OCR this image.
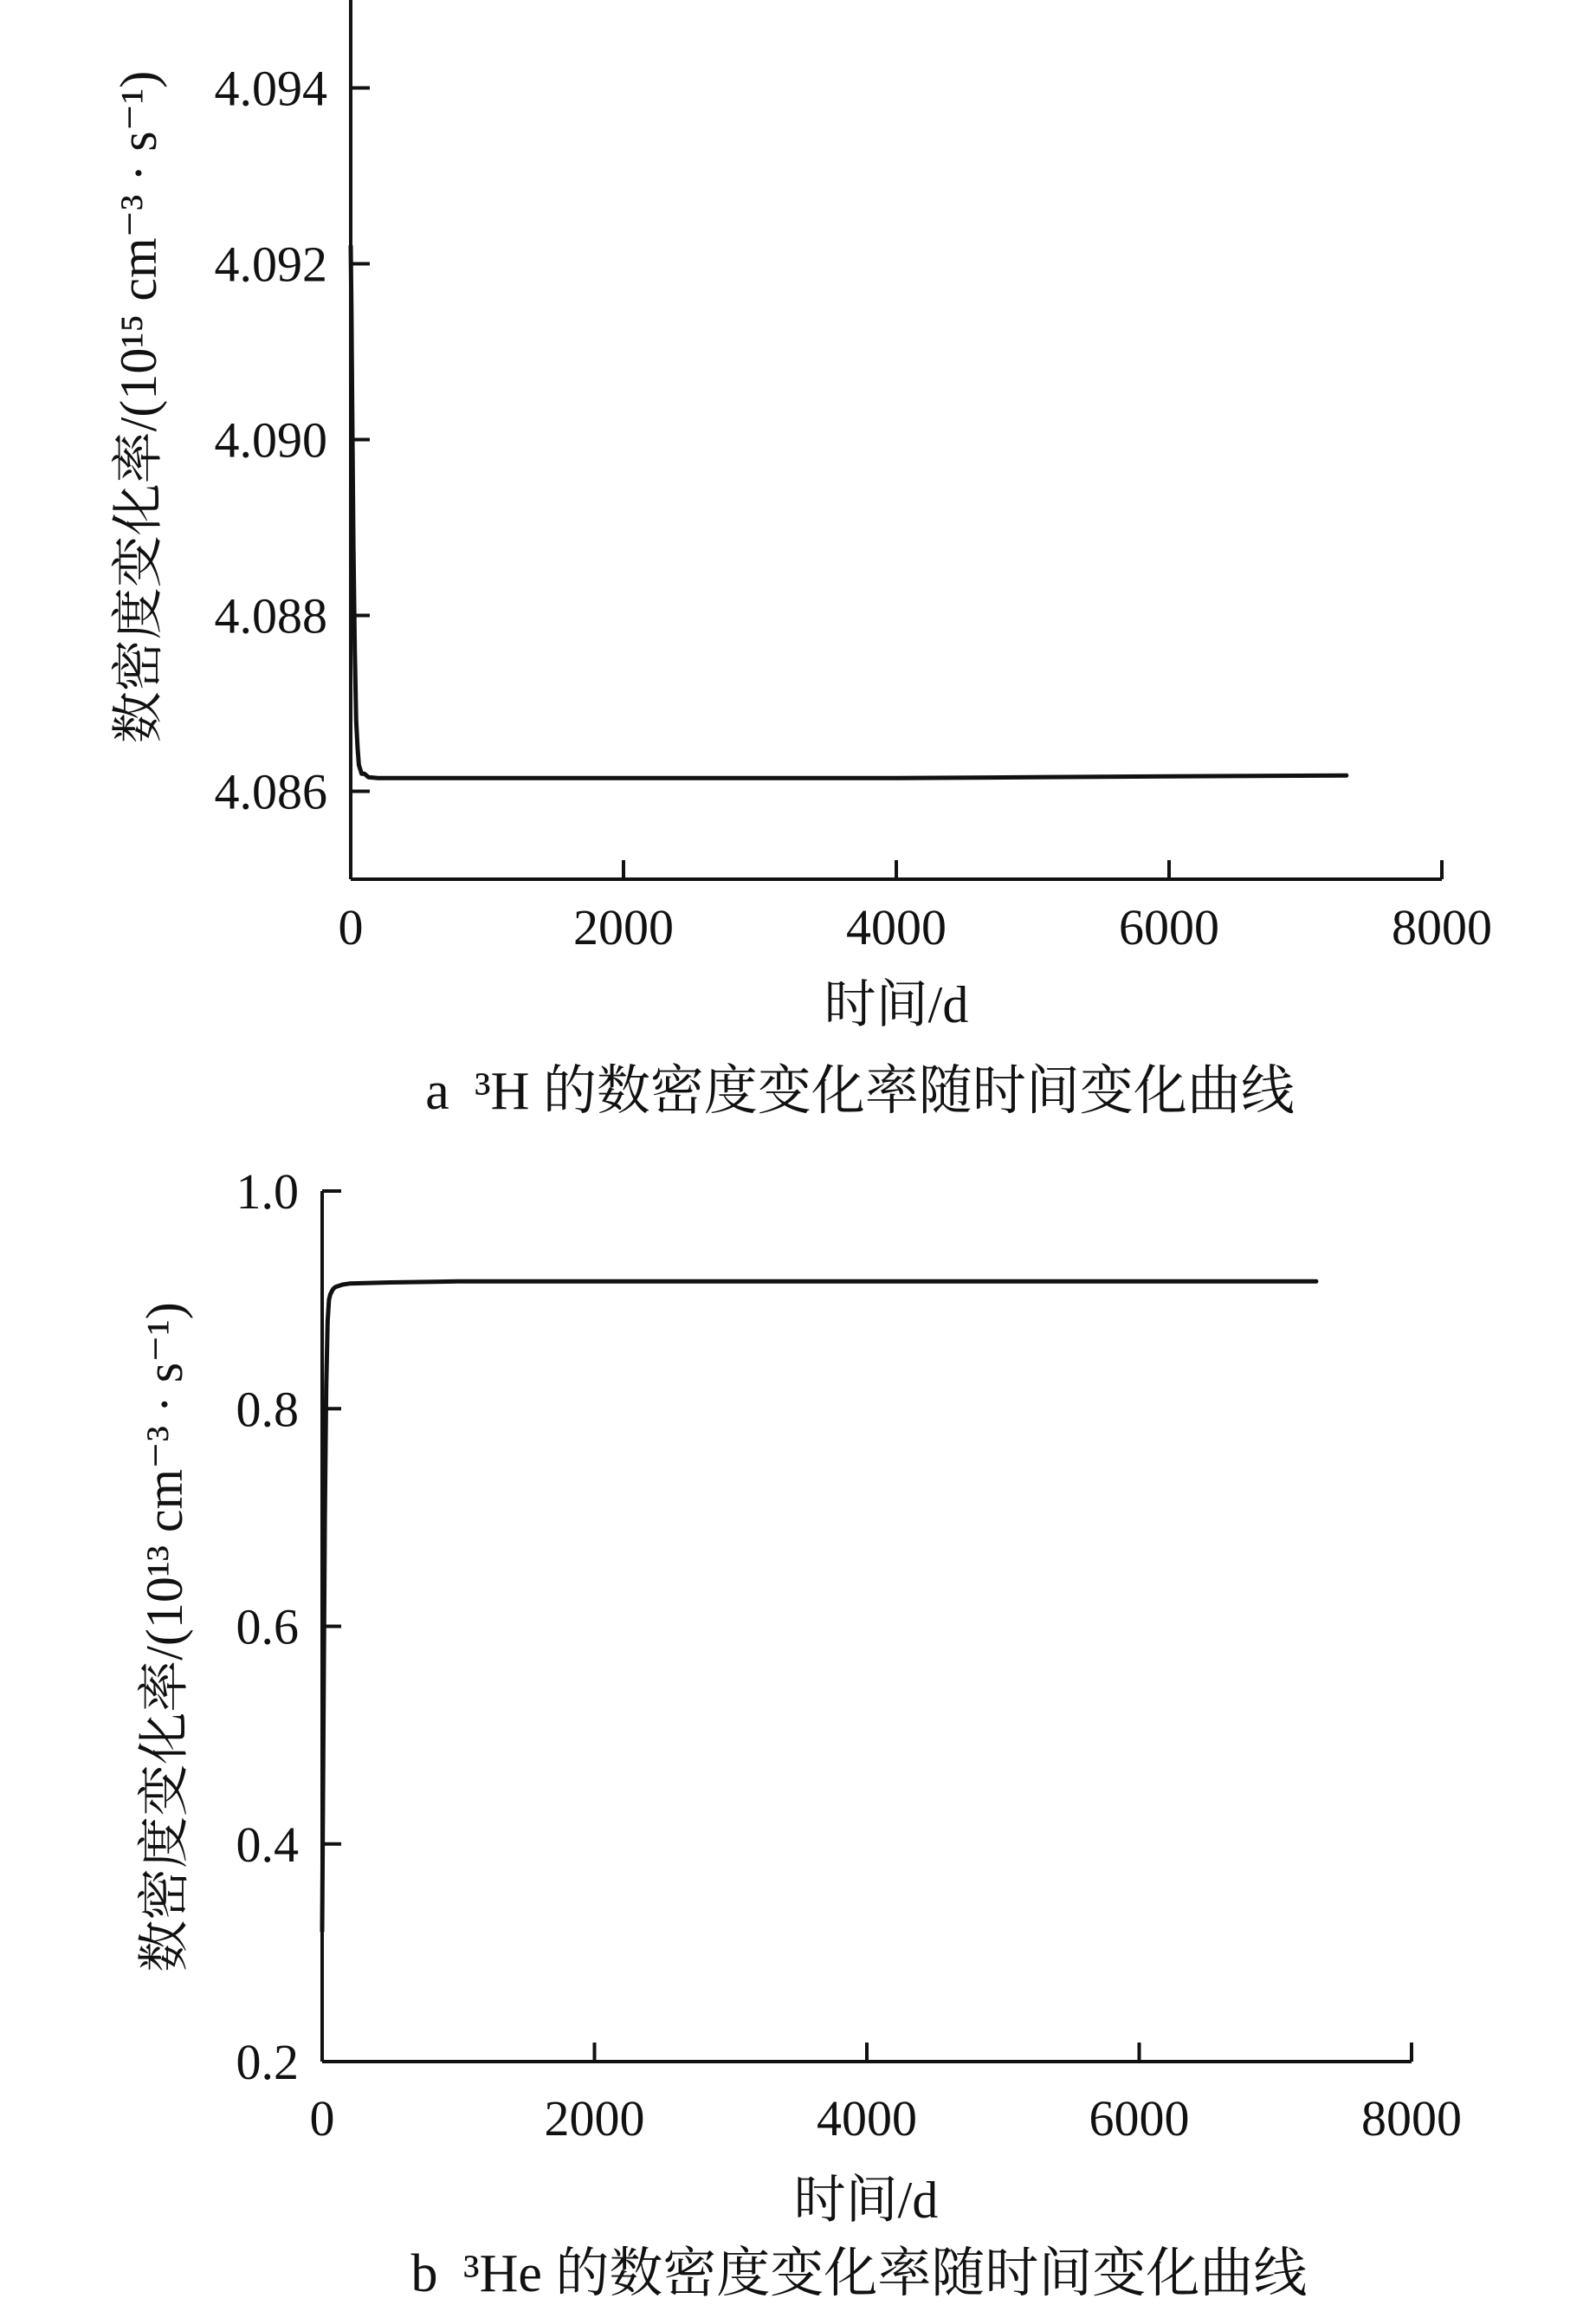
0	2000	4000	6000	8000
4.086
4.088
4.090
4.092
4.094
时间/d
数密度变化率/(10¹⁵ cm⁻³ · s⁻¹)
a ³H 的数密度变化率随时间变化曲线
0	2000	4000	6000	8000
0.2
0.4
0.6
0.8
1.0
时间/d
数密度变化率/(10¹³ cm⁻³ · s⁻¹)
b ³He 的数密度变化率随时间变化曲线
